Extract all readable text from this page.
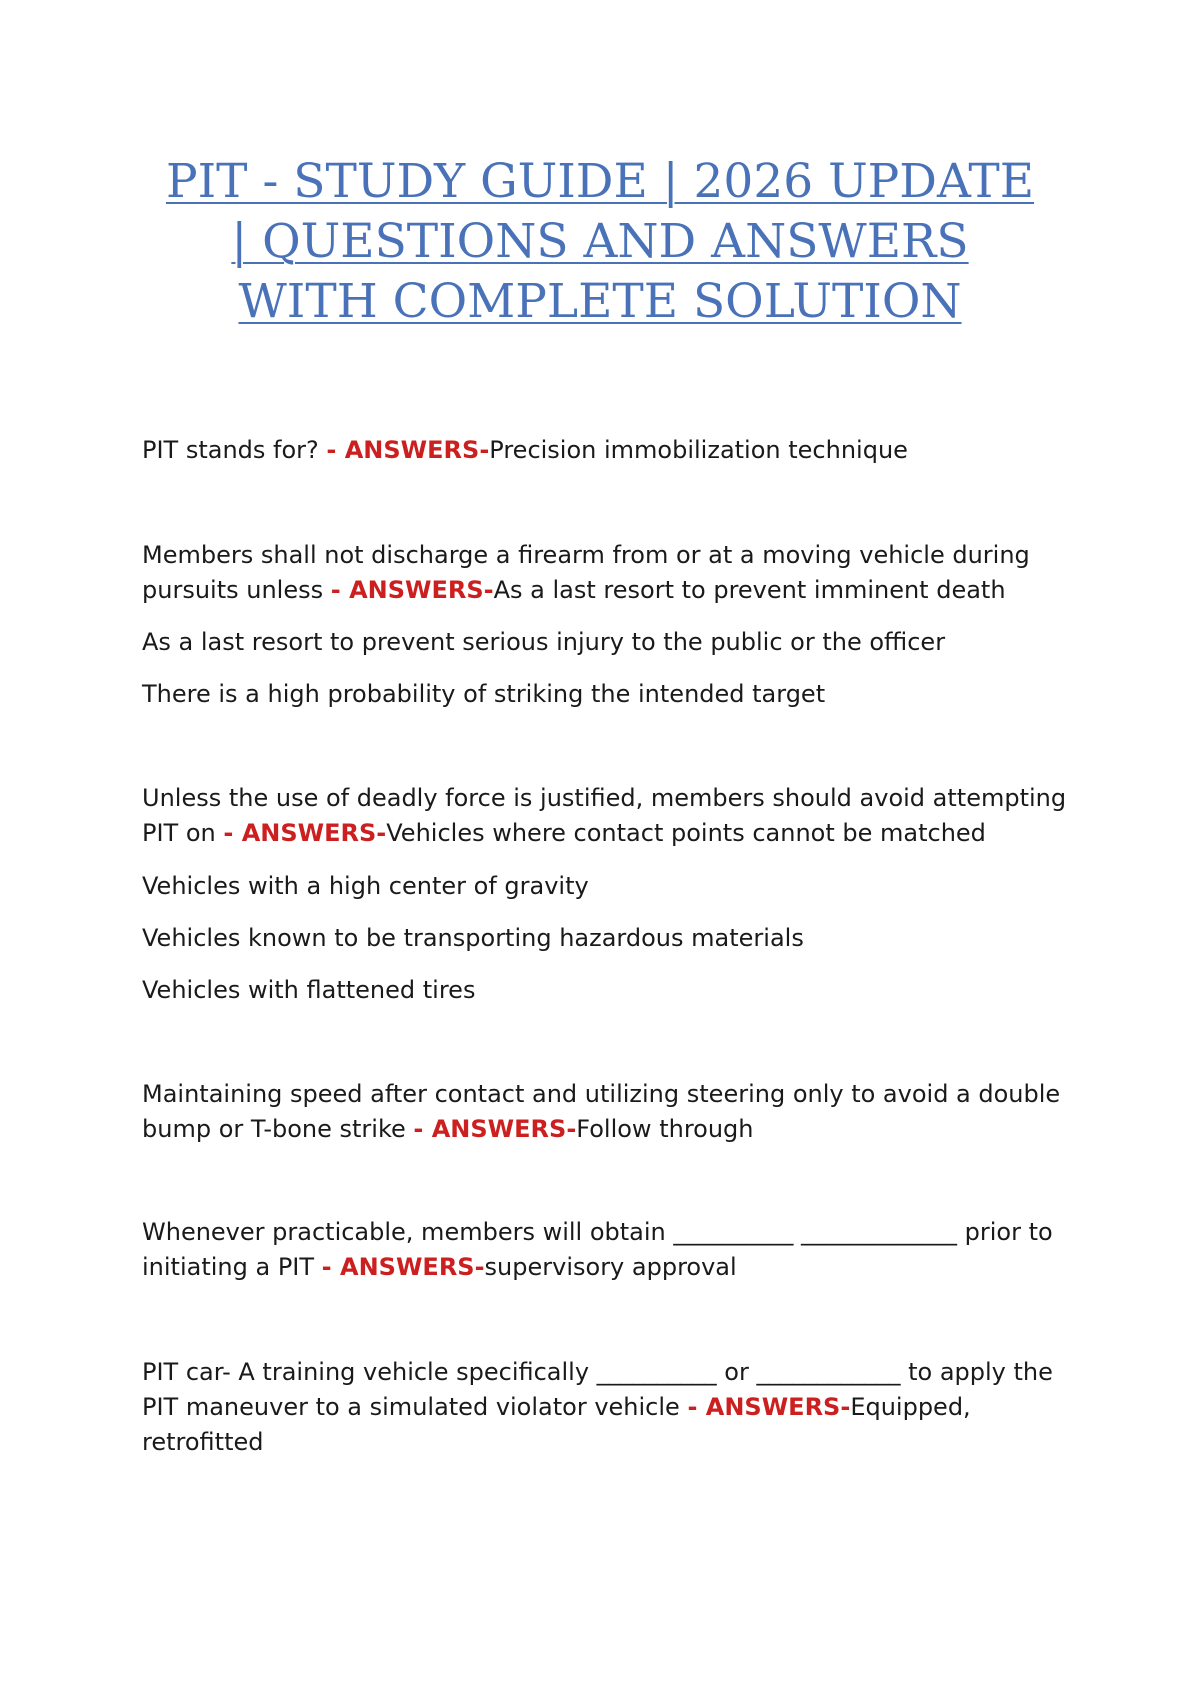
PIT - STUDY GUIDE | 2026 UPDATE | QUESTIONS AND ANSWERS WITH COMPLETE SOLUTION

PIT stands for? - ANSWERS-Precision immobilization technique

Members shall not discharge a firearm from or at a moving vehicle during pursuits unless - ANSWERS-As a last resort to prevent imminent death

As a last resort to prevent serious injury to the public or the officer

There is a high probability of striking the intended target

Unless the use of deadly force is justified, members should avoid attempting PIT on - ANSWERS-Vehicles where contact points cannot be matched

Vehicles with a high center of gravity

Vehicles known to be transporting hazardous materials

Vehicles with flattened tires

Maintaining speed after contact and utilizing steering only to avoid a double bump or T-bone strike - ANSWERS-Follow through

Whenever practicable, members will obtain __________ _____________ prior to initiating a PIT - ANSWERS-supervisory approval

PIT car- A training vehicle specifically __________ or ____________ to apply the PIT maneuver to a simulated violator vehicle - ANSWERS-Equipped, retrofitted
